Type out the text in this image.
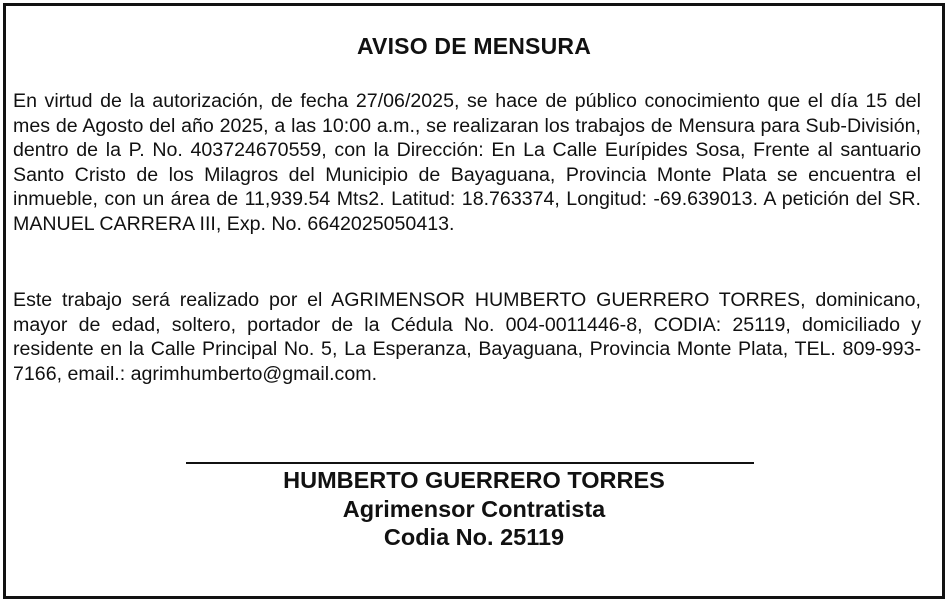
AVISO DE MENSURA
En virtud de la autorización, de fecha 27/06/2025, se hace de público conocimiento que el día 15 del mes de Agosto del año 2025, a las 10:00 a.m., se realizaran los trabajos de Mensura para Sub-División, dentro de la P. No. 403724670559, con la Dirección: En La Calle Eurípides Sosa, Frente al santuario Santo Cristo de los Milagros del Municipio de Bayaguana, Provincia Monte Plata se encuentra el inmueble, con un área de 11,939.54 Mts2. Latitud: 18.763374, Longitud: -69.639013. A petición del SR. MANUEL CARRERA III, Exp. No. 6642025050413.
Este trabajo será realizado por el AGRIMENSOR HUMBERTO GUERRERO TORRES, dominicano, mayor de edad, soltero, portador de la Cédula No. 004-0011446-8, CODIA: 25119, domiciliado y residente en la Calle Principal No. 5, La Esperanza, Bayaguana, Provincia Monte Plata, TEL. 809-993-7166, email.: agrimhumberto@gmail.com.
HUMBERTO GUERRERO TORRES
Agrimensor Contratista
Codia No. 25119
